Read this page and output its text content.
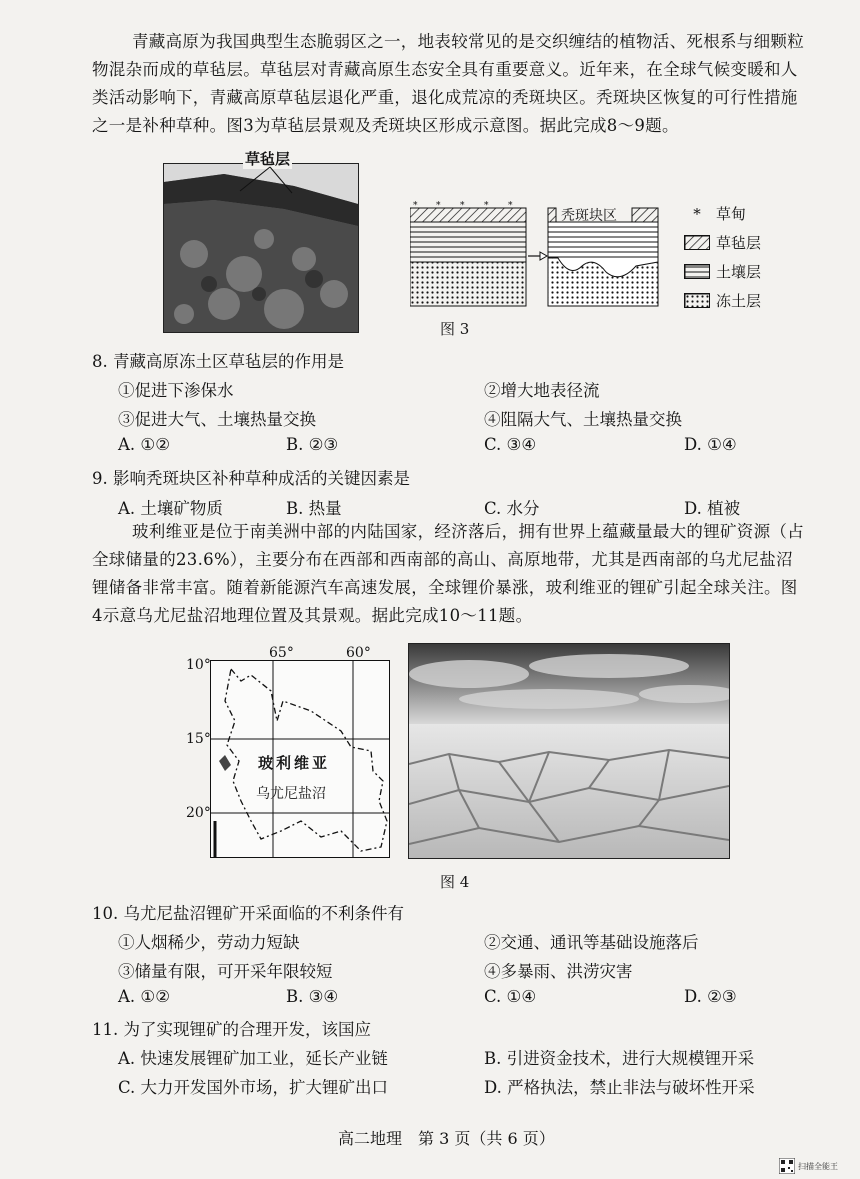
青藏高原为我国典型生态脆弱区之一，地表较常见的是交织缠结的植物活、死根系与细颗粒物混杂而成的草毡层。草毡层对青藏高原生态安全具有重要意义。近年来，在全球气候变暖和人类活动影响下，青藏高原草毡层退化严重，退化成荒凉的秃斑块区。秃斑块区恢复的可行性措施之一是补种草种。图3为草毡层景观及秃斑块区形成示意图。据此完成8～9题。
草毡层
* * * * *
秃斑块区	*	草甸
草毡层
土壤层
冻土层
图 3
8. 青藏高原冻土区草毡层的作用是
①促进下渗保水	②增大地表径流
③促进大气、土壤热量交换	④阻隔大气、土壤热量交换
A. ①②	B. ②③	C. ③④	D. ①④
9. 影响秃斑块区补种草种成活的关键因素是
A. 土壤矿物质	B. 热量	C. 水分	D. 植被
玻利维亚是位于南美洲中部的内陆国家，经济落后，拥有世界上蕴藏量最大的锂矿资源（占全球储量的23.6%），主要分布在西部和西南部的高山、高原地带，尤其是西南部的乌尤尼盐沼锂储备非常丰富。随着新能源汽车高速发展，全球锂价暴涨，玻利维亚的锂矿引起全球关注。图4示意乌尤尼盐沼地理位置及其景观。据此完成10～11题。
65°	60°
10°
15°
20°
玻利维亚
乌尤尼盐沼
图 4
10. 乌尤尼盐沼锂矿开采面临的不利条件有
①人烟稀少，劳动力短缺	②交通、通讯等基础设施落后
③储量有限，可开采年限较短	④多暴雨、洪涝灾害
A. ①②	B. ③④	C. ①④	D. ②③
11. 为了实现锂矿的合理开发，该国应
A. 快速发展锂矿加工业，延长产业链	B. 引进资金技术，进行大规模锂开采
C. 大力开发国外市场，扩大锂矿出口	D. 严格执法，禁止非法与破坏性开采
高二地理　第 3 页（共 6 页）
扫描全能王
